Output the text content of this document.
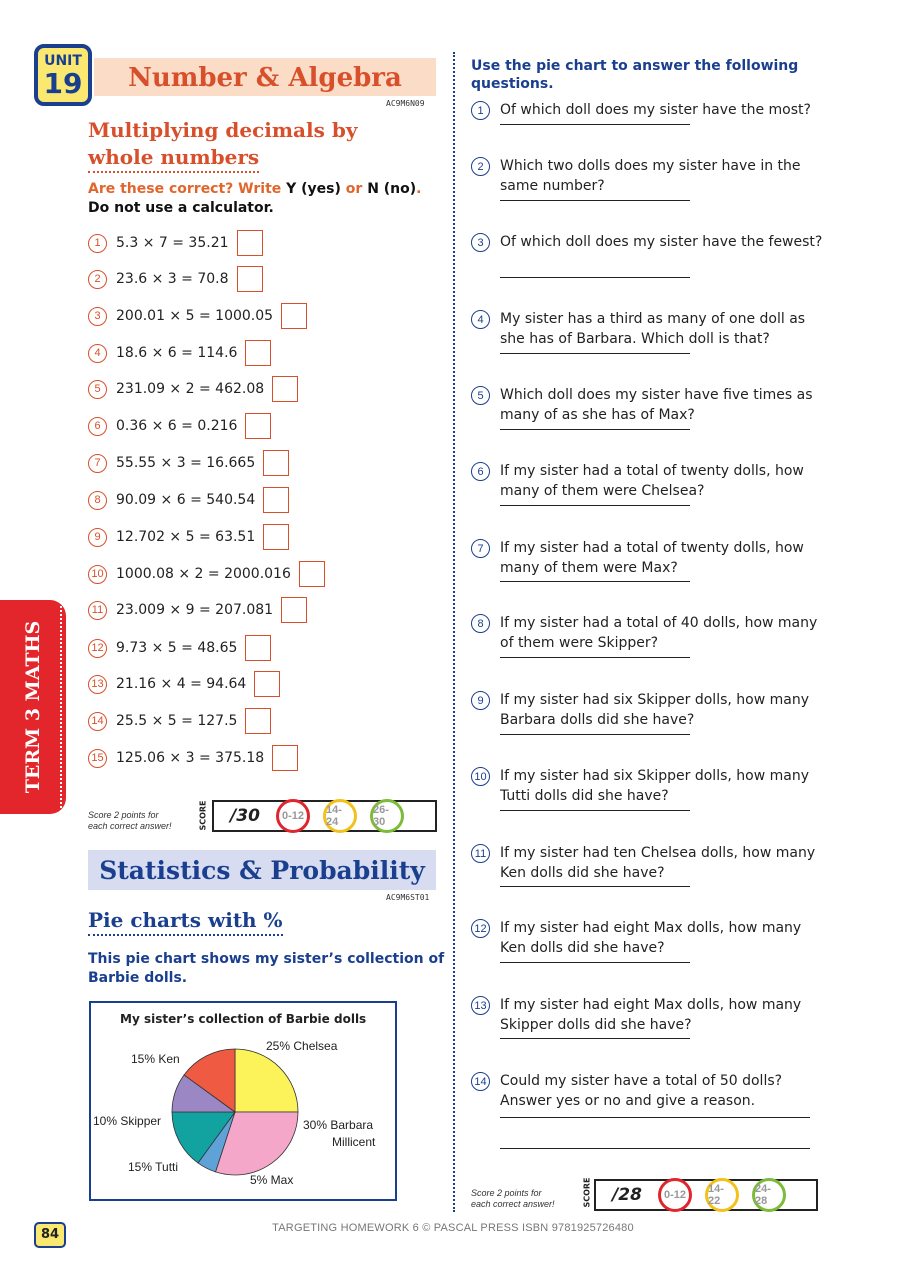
TERM 3 MATHS
UNIT
19	Number & Algebra
AC9M6N09
Multiplying decimals by
whole numbers
Are these correct? Write Y (yes) or N (no).
Do not use a calculator.
1	5.3 × 7 = 35.21
2	23.6 × 3 = 70.8
3	200.01 × 5 = 1000.05
4	18.6 × 6 = 114.6
5	231.09 × 2 = 462.08
6	0.36 × 6 = 0.216
7	55.55 × 3 = 16.665
8	90.09 × 6 = 540.54
9	12.702 × 5 = 63.51
10 1000.08 × 2 = 2000.016
11 23.009 × 9 = 207.081
12 9.73 × 5 = 48.65
13 21.16 × 4 = 94.64
14 25.5 × 5 = 127.5
15 125.06 × 3 = 375.18
Score 2 points for
each correct answer!	SCORE	/30	0-12	14-24
26-30
Statistics & Probability
AC9M6ST01
Pie charts with %
This pie chart shows my sister’s collection of
Barbie dolls.
My sister’s collection of Barbie dolls
25% Chelsea
30% Barbara
Millicent
5% Max
15% Tutti
10% Skipper
15% Ken
Use the pie chart to answer the following
questions.
1	Of which doll does my sister have the most?
2	Which two dolls does my sister have in the same number?
3	Of which doll does my sister have the fewest?
4	My sister has a third as many of one doll as she has of Barbara. Which doll is that?
5	Which doll does my sister have five times as many of as she has of Max?
6	If my sister had a total of twenty dolls, how many of them were Chelsea?
7	If my sister had a total of twenty dolls, how many of them were Max?
8	If my sister had a total of 40 dolls, how many of them were Skipper?
9	If my sister had six Skipper dolls, how many Barbara dolls did she have?
10 If my sister had six Skipper dolls, how many Tutti dolls did she have?
11 If my sister had ten Chelsea dolls, how many Ken dolls did she have?
12 If my sister had eight Max dolls, how many Ken dolls did she have?
13 If my sister had eight Max dolls, how many Skipper dolls did she have?
14 Could my sister have a total of 50 dolls? Answer yes or no and give a reason.
Score 2 points for
each correct answer!	SCORE	/28	0-12	14-22
24-28
84	TARGETING HOMEWORK 6 © PASCAL PRESS ISBN 9781925726480
